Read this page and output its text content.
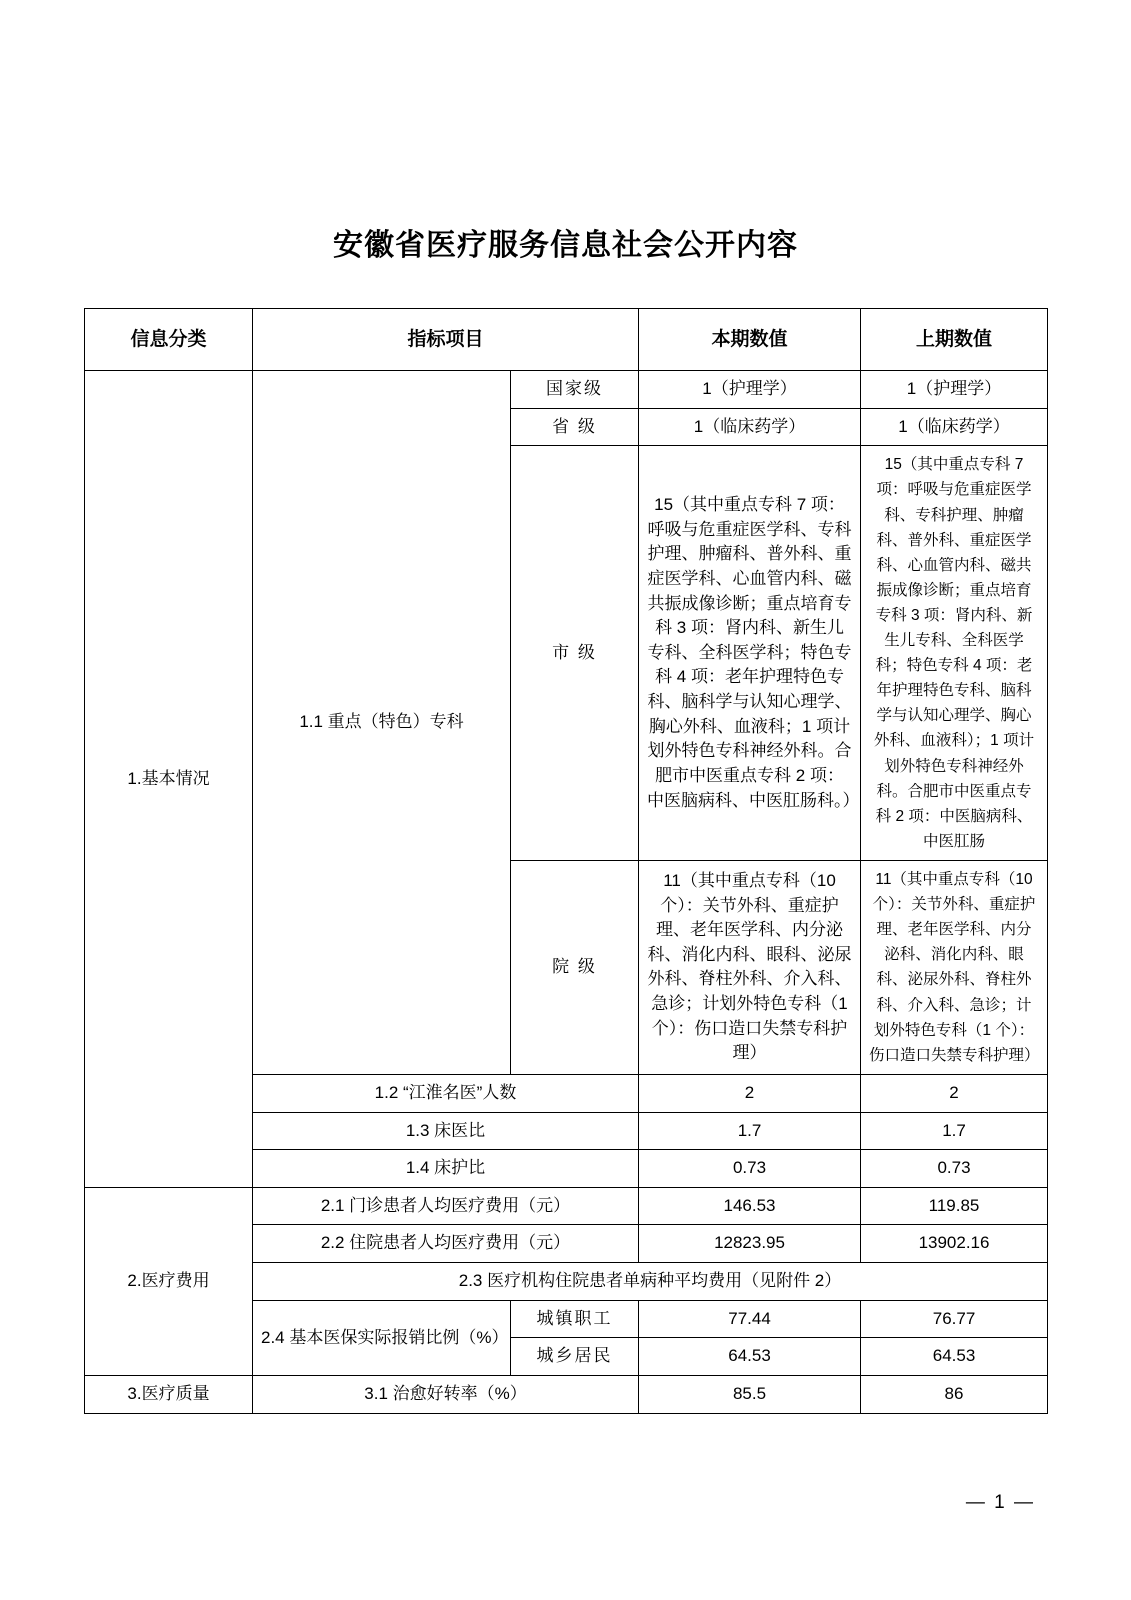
安徽省医疗服务信息社会公开内容
信息分类	指标项目		本期数值	上期数值
1.基本情况	1.1 重点（特色）专科	国家级	1（护理学）	1（护理学）
		省 级	1（临床药学）	1（临床药学）
		市 级	15（其中重点专科 7 项：呼吸与危重症医学科、专科护理、肿瘤科、普外科、重症医学科、心血管内科、磁共振成像诊断；重点培育专科 3 项：肾内科、新生儿专科、全科医学科；特色专科 4 项：老年护理特色专科、脑科学与认知心理学、胸心外科、血液科；1 项计划外特色专科神经外科。合肥市中医重点专科 2 项：中医脑病科、中医肛肠科。）	15（其中重点专科 7 项：呼吸与危重症医学科、专科护理、肿瘤科、普外科、重症医学科、心血管内科、磁共振成像诊断；重点培育专科 3 项：肾内科、新生儿专科、全科医学科；特色专科 4 项：老年护理特色专科、脑科学与认知心理学、胸心外科、血液科）；1 项计划外特色专科神经外科。合肥市中医重点专科 2 项：中医脑病科、中医肛肠
		院 级	11（其中重点专科（10 个）：关节外科、重症护理、老年医学科、内分泌科、消化内科、眼科、泌尿外科、脊柱外科、介入科、急诊；计划外特色专科（1 个）：伤口造口失禁专科护理）	11（其中重点专科（10 个）：关节外科、重症护理、老年医学科、内分泌科、消化内科、眼科、泌尿外科、脊柱外科、介入科、急诊；计划外特色专科（1 个）：伤口造口失禁专科护理）
	1.2 “江淮名医”人数		2	2
	1.3 床医比		1.7	1.7
	1.4 床护比		0.73	0.73
2.医疗费用	2.1 门诊患者人均医疗费用（元）		146.53	119.85
	2.2 住院患者人均医疗费用（元）		12823.95	13902.16
	2.3 医疗机构住院患者单病种平均费用（见附件 2）			
	2.4 基本医保实际报销比例（%）	城镇职工	77.44	76.77
		城乡居民	64.53	64.53
3.医疗质量	3.1 治愈好转率（%）		85.5	86
— 1 —
